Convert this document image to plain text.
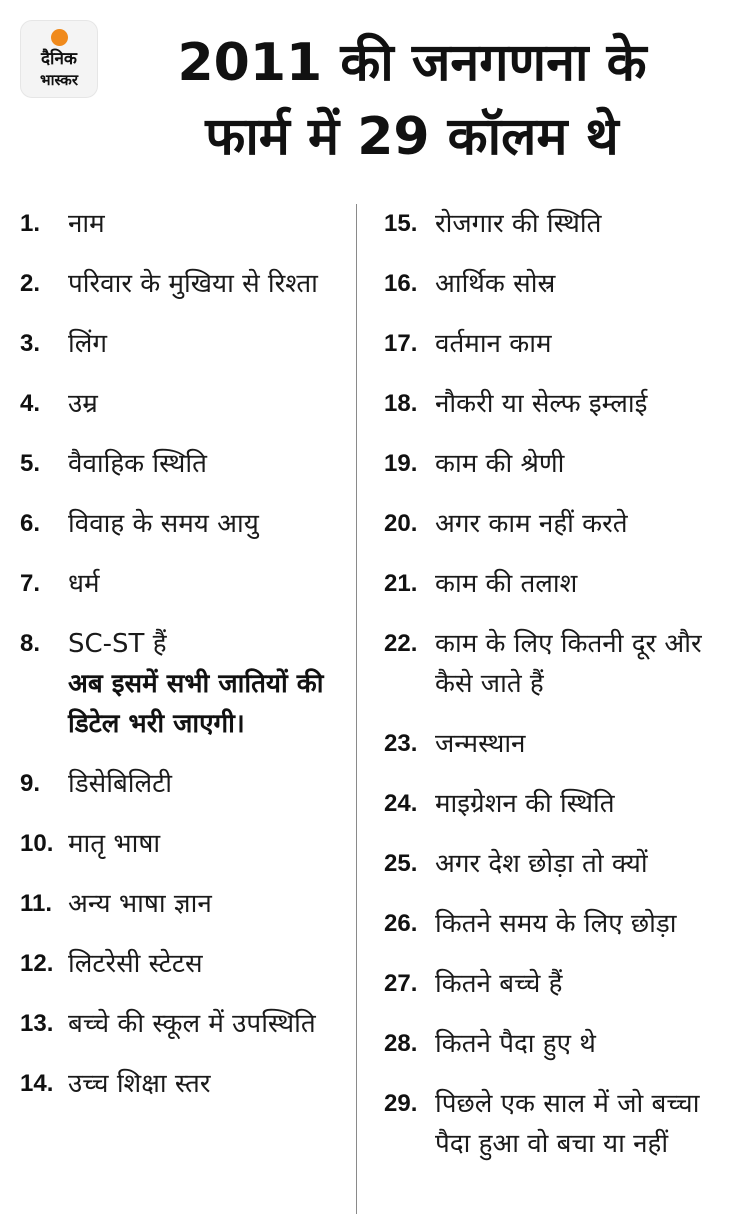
दैनिक
भास्कर	2011 की जनगणना के
फार्म में 29 कॉलम थे
1.	नाम
2.	परिवार के मुखिया से रिश्ता
3.	लिंग
4.	उम्र
5.	वैवाहिक स्थिति
6.	विवाह के समय आयु
7.	धर्म
8.	SC-ST हैं
अब इसमें सभी जातियों की डिटेल भरी जाएगी।
9.	डिसेबिलिटी
10. मातृ भाषा
11. अन्य भाषा ज्ञान
12. लिटरेसी स्टेटस
13. बच्चे की स्कूल में उपस्थिति
14. उच्च शिक्षा स्तर
15. रोजगार की स्थिति
16. आर्थिक सोस्र
17. वर्तमान काम
18. नौकरी या सेल्फ इम्लाई
19. काम की श्रेणी
20. अगर काम नहीं करते
21. काम की तलाश
22. काम के लिए कितनी दूर और कैसे जाते हैं
23. जन्मस्थान
24. माइग्रेशन की स्थिति
25. अगर देश छोड़ा तो क्यों
26. कितने समय के लिए छोड़ा
27. कितने बच्चे हैं
28. कितने पैदा हुए थे
29. पिछले एक साल में जो बच्चा पैदा हुआ वो बचा या नहीं
